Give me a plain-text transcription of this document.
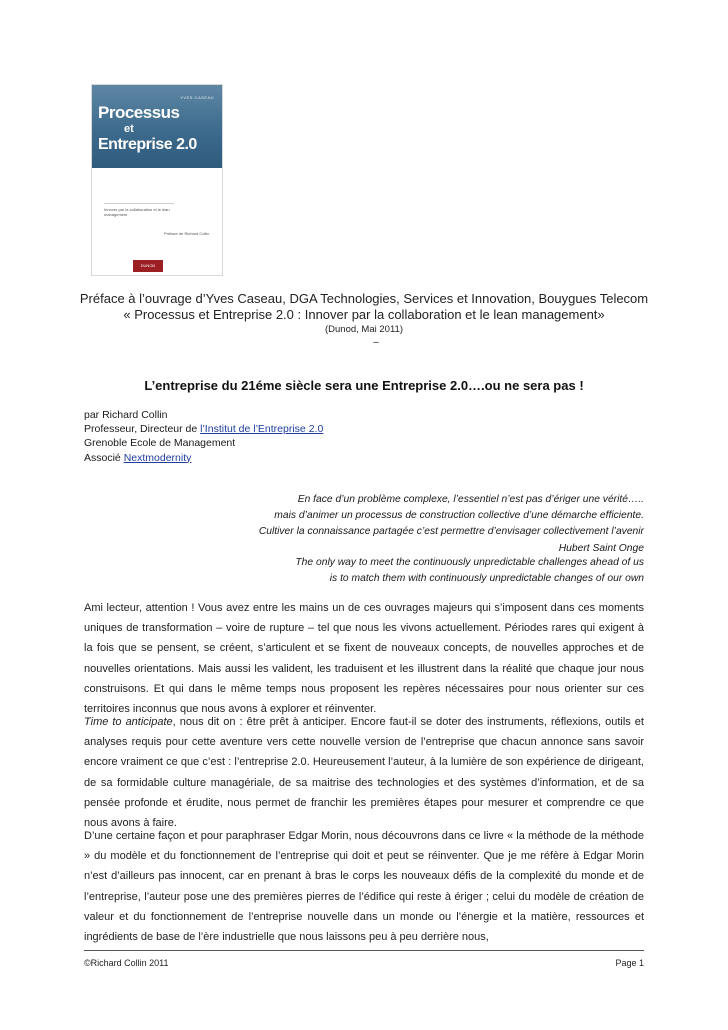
YVES CASEAU
Processus
et
Entreprise 2.0
Innover par la collaboration et le lean management
Préface de Richard Collin
DUNOD
Préface à l’ouvrage d’Yves Caseau, DGA Technologies, Services et Innovation, Bouygues Telecom
« Processus et Entreprise 2.0 : Innover par la collaboration et le lean management»
(Dunod, Mai 2011)
–
L’entreprise du 21éme siècle sera une Entreprise 2.0….ou ne sera pas !
par Richard Collin
Professeur, Directeur de l’Institut de l’Entreprise 2.0
Grenoble Ecole de Management
Associé Nextmodernity
En face d’un problème complexe, l’essentiel n’est pas d’ériger une vérité…..
mais d’animer un processus de construction collective d’une démarche efficiente.
Cultiver la connaissance partagée c’est permettre d’envisager collectivement l’avenir
Hubert Saint Onge
The only way to meet the continuously unpredictable challenges ahead of us
is to match them with continuously unpredictable changes of our own
Ami lecteur, attention ! Vous avez entre les mains un de ces ouvrages majeurs qui s’imposent dans ces moments uniques de transformation – voire de rupture – tel que nous les vivons actuellement. Périodes rares qui exigent à la fois que se pensent, se créent, s’articulent et se fixent de nouveaux concepts, de nouvelles approches et de nouvelles orientations. Mais aussi les valident, les traduisent et les illustrent dans la réalité que chaque jour nous construisons. Et qui dans le même temps nous proposent les repères nécessaires pour nous orienter sur ces territoires inconnus que nous avons à explorer et réinventer.
Time to anticipate, nous dit on : être prêt à anticiper. Encore faut-il se doter des instruments, réflexions, outils et analyses requis pour cette aventure vers cette nouvelle version de l’entreprise que chacun annonce sans savoir encore vraiment ce que c’est : l’entreprise 2.0. Heureusement l’auteur, à la lumière de son expérience de dirigeant, de sa formidable culture managériale, de sa maitrise des technologies et des systèmes d’information, et de sa pensée profonde et érudite, nous permet de franchir les premières étapes pour mesurer et comprendre ce que nous avons à faire.
D’une certaine façon et pour paraphraser Edgar Morin, nous découvrons dans ce livre « la méthode de la méthode » du modèle et du fonctionnement de l’entreprise qui doit et peut se réinventer. Que je me réfère à Edgar Morin n’est d’ailleurs pas innocent, car en prenant à bras le corps les nouveaux défis de la complexité du monde et de l’entreprise, l’auteur pose une des premières pierres de l’édifice qui reste à ériger ; celui du modèle de création de valeur et du fonctionnement de l’entreprise nouvelle dans un monde ou l’énergie et la matière, ressources et ingrédients de base de l’ère industrielle que nous laissons peu à peu derrière nous,
©Richard Collin 2011	Page 1
